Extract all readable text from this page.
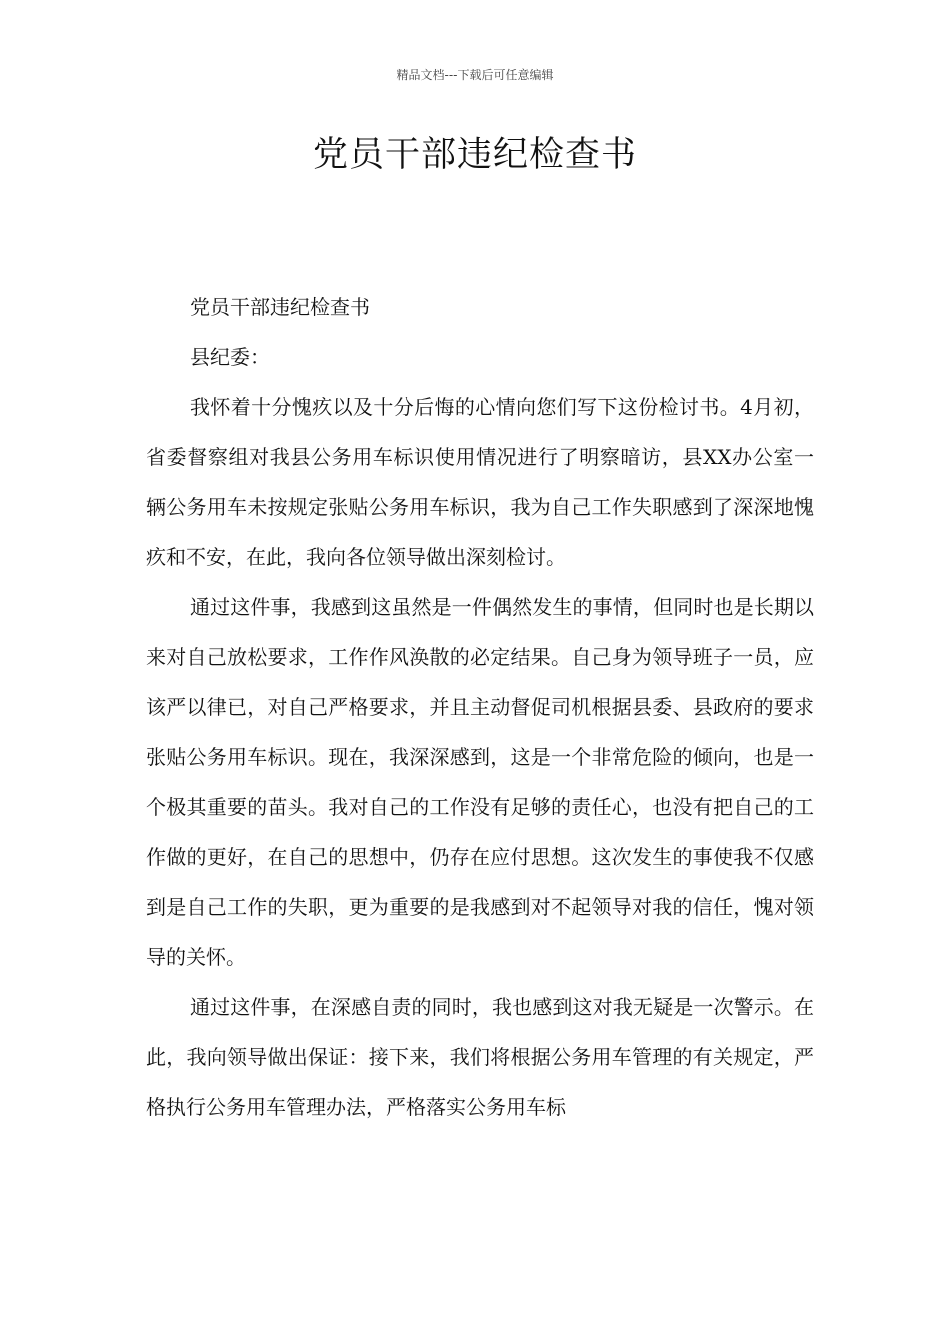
精品文档---下载后可任意编辑
党员干部违纪检查书

党员干部违纪检查书

县纪委：

我怀着十分愧疚以及十分后悔的心情向您们写下这份检讨书。4月初，省委督察组对我县公务用车标识使用情况进行了明察暗访，县XX办公室一辆公务用车未按规定张贴公务用车标识，我为自己工作失职感到了深深地愧疚和不安，在此，我向各位领导做出深刻检讨。

通过这件事，我感到这虽然是一件偶然发生的事情，但同时也是长期以来对自己放松要求，工作作风涣散的必定结果。自己身为领导班子一员，应该严以律已，对自己严格要求，并且主动督促司机根据县委、县政府的要求张贴公务用车标识。现在，我深深感到，这是一个非常危险的倾向，也是一个极其重要的苗头。我对自己的工作没有足够的责任心，也没有把自己的工作做的更好，在自己的思想中，仍存在应付思想。这次发生的事使我不仅感到是自己工作的失职，更为重要的是我感到对不起领导对我的信任，愧对领导的关怀。

通过这件事，在深感自责的同时，我也感到这对我无疑是一次警示。在此，我向领导做出保证：接下来，我们将根据公务用车管理的有关规定，严格执行公务用车管理办法，严格落实公务用车标
